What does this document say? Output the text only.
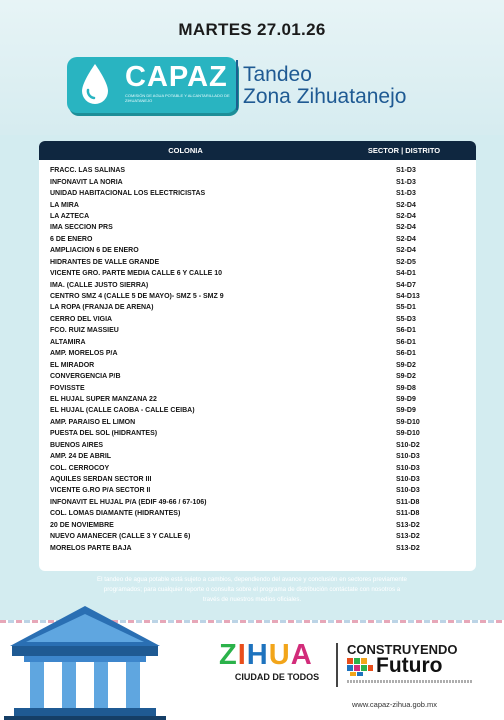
MARTES 27.01.26
CAPAZ
COMISIÓN DE AGUA POTABLE Y ALCANTARILLADO DE ZIHUATANEJO
Tandeo
Zona Zihuatanejo
COLONIA	SECTOR | DISTRITO
FRACC. LAS SALINAS	S1-D3
INFONAVIT LA NORIA	S1-D3
UNIDAD HABITACIONAL LOS ELECTRICISTAS	S1-D3
LA MIRA	S2-D4
LA AZTECA	S2-D4
IMA SECCION PRS	S2-D4
6 DE ENERO	S2-D4
AMPLIACION 6 DE ENERO	S2-D4
HIDRANTES DE VALLE GRANDE	S2-D5
VICENTE GRO. PARTE MEDIA CALLE 6 Y CALLE 10	S4-D1
IMA. (CALLE JUSTO SIERRA)	S4-D7
CENTRO SMZ 4 (CALLE 5 DE MAYO)- SMZ 5 - SMZ 9	S4-D13
LA ROPA (FRANJA DE ARENA)	S5-D1
CERRO DEL VIGIA	S5-D3
FCO. RUIZ MASSIEU	S6-D1
ALTAMIRA	S6-D1
AMP. MORELOS P/A	S6-D1
EL MIRADOR	S9-D2
CONVERGENCIA P/B	S9-D2
FOVISSTE	S9-D8
EL HUJAL SUPER MANZANA 22	S9-D9
EL HUJAL (CALLE CAOBA - CALLE CEIBA)	S9-D9
AMP. PARAISO EL LIMON	S9-D10
PUESTA DEL SOL (HIDRANTES)	S9-D10
BUENOS AIRES	S10-D2
AMP. 24 DE ABRIL	S10-D3
COL. CERROCOY	S10-D3
AQUILES SERDAN SECTOR III	S10-D3
VICENTE G.RO P/A SECTOR II	S10-D3
INFONAVIT EL HUJAL P/A (EDIF 49-66 / 67-106)	S11-D8
COL. LOMAS DIAMANTE (HIDRANTES)	S11-D8
20 DE NOVIEMBRE	S13-D2
NUEVO AMANECER (CALLE 3 Y CALLE 6)	S13-D2
MORELOS PARTE BAJA	S13-D2
El tandeo de agua potable está sujeto a cambios, dependiendo del avance y conclusión en sectores previamente
programados; para cualquier reporte o consulta sobre el programa de distribución contáctate con nosotros a
través de nuestros medios oficiales.
ZIHUA
CIUDAD DE TODOS
CONSTRUYENDO
Futuro
www.capaz-zihua.gob.mx
